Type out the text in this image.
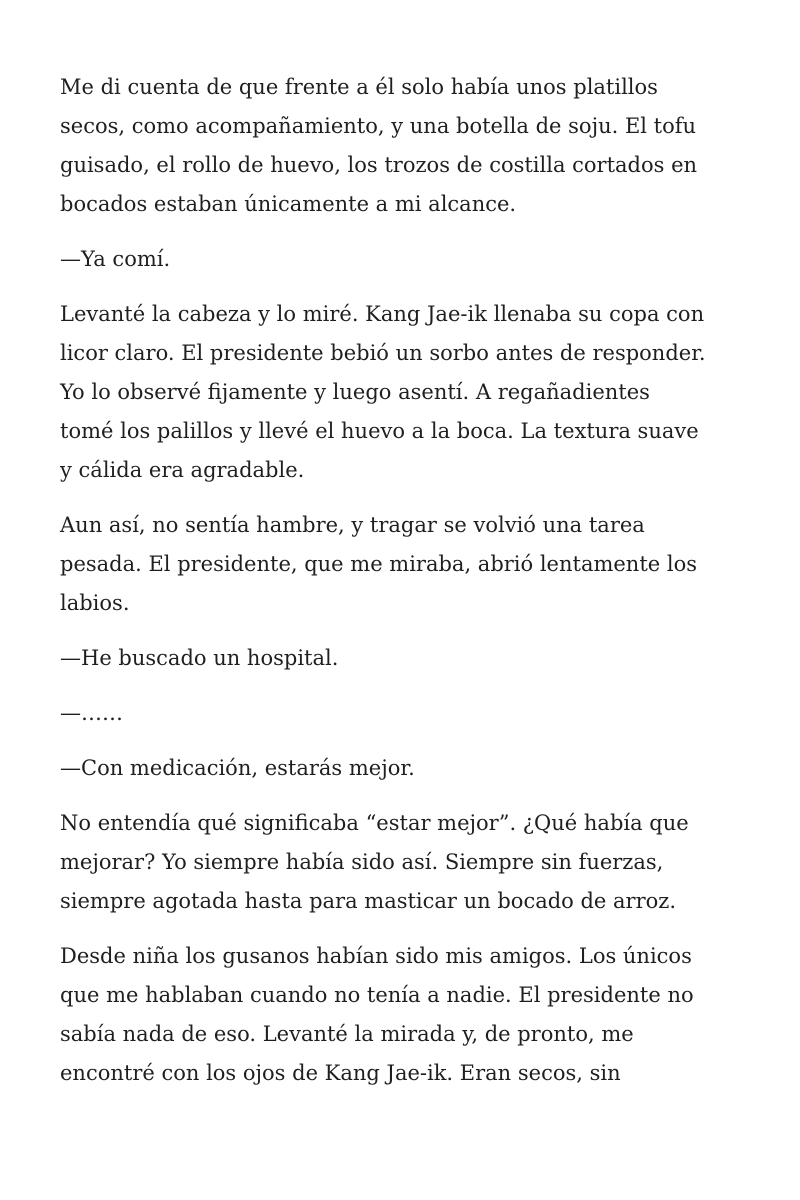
Me di cuenta de que frente a él solo había unos platillos
secos, como acompañamiento, y una botella de soju. El tofu
guisado, el rollo de huevo, los trozos de costilla cortados en
bocados estaban únicamente a mi alcance.

—Ya comí.

Levanté la cabeza y lo miré. Kang Jae-ik llenaba su copa con
licor claro. El presidente bebió un sorbo antes de responder.
Yo lo observé fijamente y luego asentí. A regañadientes
tomé los palillos y llevé el huevo a la boca. La textura suave
y cálida era agradable.

Aun así, no sentía hambre, y tragar se volvió una tarea
pesada. El presidente, que me miraba, abrió lentamente los
labios.

—He buscado un hospital.

—……

—Con medicación, estarás mejor.

No entendía qué significaba “estar mejor”. ¿Qué había que
mejorar? Yo siempre había sido así. Siempre sin fuerzas,
siempre agotada hasta para masticar un bocado de arroz.

Desde niña los gusanos habían sido mis amigos. Los únicos
que me hablaban cuando no tenía a nadie. El presidente no
sabía nada de eso. Levanté la mirada y, de pronto, me
encontré con los ojos de Kang Jae-ik. Eran secos, sin
